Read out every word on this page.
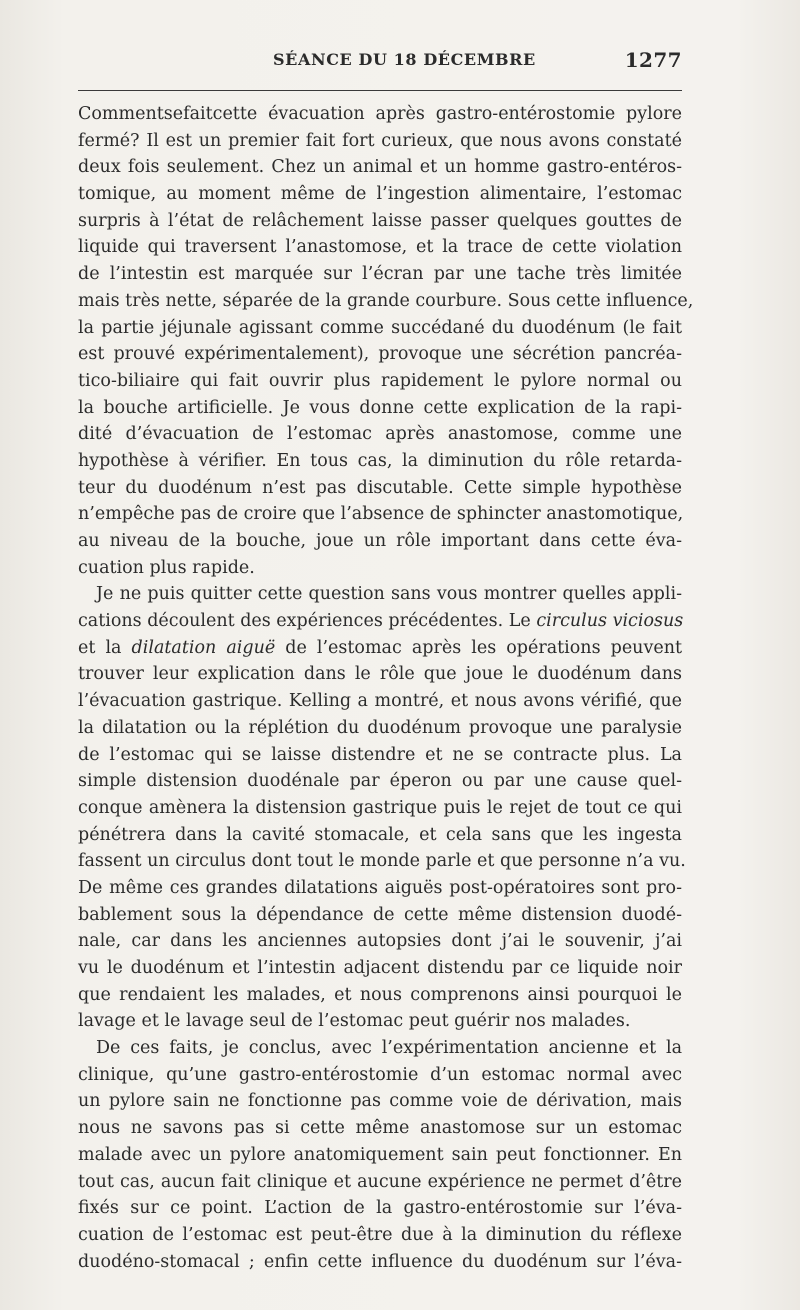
SÉANCE DU 18 DÉCEMBRE	1277
Commentsefaitcette évacuation après gastro-entérostomie pylore
fermé? Il est un premier fait fort curieux, que nous avons constaté
deux fois seulement. Chez un animal et un homme gastro-entéros-
tomique, au moment même de l’ingestion alimentaire, l’estomac
surpris à l’état de relâchement laisse passer quelques gouttes de
liquide qui traversent l’anastomose, et la trace de cette violation
de l’intestin est marquée sur l’écran par une tache très limitée
mais très nette, séparée de la grande courbure. Sous cette influence,
la partie jéjunale agissant comme succédané du duodénum (le fait
est prouvé expérimentalement), provoque une sécrétion pancréa-
tico-biliaire qui fait ouvrir plus rapidement le pylore normal ou
la bouche artificielle. Je vous donne cette explication de la rapi-
dité d’évacuation de l’estomac après anastomose, comme une
hypothèse à vérifier. En tous cas, la diminution du rôle retarda-
teur du duodénum n’est pas discutable. Cette simple hypothèse
n’empêche pas de croire que l’absence de sphincter anastomotique,
au niveau de la bouche, joue un rôle important dans cette éva-
cuation plus rapide.
Je ne puis quitter cette question sans vous montrer quelles appli-
cations découlent des expériences précédentes. Le circulus viciosus
et la dilatation aiguë de l’estomac après les opérations peuvent
trouver leur explication dans le rôle que joue le duodénum dans
l’évacuation gastrique. Kelling a montré, et nous avons vérifié, que
la dilatation ou la réplétion du duodénum provoque une paralysie
de l’estomac qui se laisse distendre et ne se contracte plus. La
simple distension duodénale par éperon ou par une cause quel-
conque amènera la distension gastrique puis le rejet de tout ce qui
pénétrera dans la cavité stomacale, et cela sans que les ingesta
fassent un circulus dont tout le monde parle et que personne n’a vu.
De même ces grandes dilatations aiguës post-opératoires sont pro-
bablement sous la dépendance de cette même distension duodé-
nale, car dans les anciennes autopsies dont j’ai le souvenir, j’ai
vu le duodénum et l’intestin adjacent distendu par ce liquide noir
que rendaient les malades, et nous comprenons ainsi pourquoi le
lavage et le lavage seul de l’estomac peut guérir nos malades.
De ces faits, je conclus, avec l’expérimentation ancienne et la
clinique, qu’une gastro-entérostomie d’un estomac normal avec
un pylore sain ne fonctionne pas comme voie de dérivation, mais
nous ne savons pas si cette même anastomose sur un estomac
malade avec un pylore anatomiquement sain peut fonctionner. En
tout cas, aucun fait clinique et aucune expérience ne permet d’être
fixés sur ce point. L’action de la gastro-entérostomie sur l’éva-
cuation de l’estomac est peut-être due à la diminution du réflexe
duodéno-stomacal ; enfin cette influence du duodénum sur l’éva-
